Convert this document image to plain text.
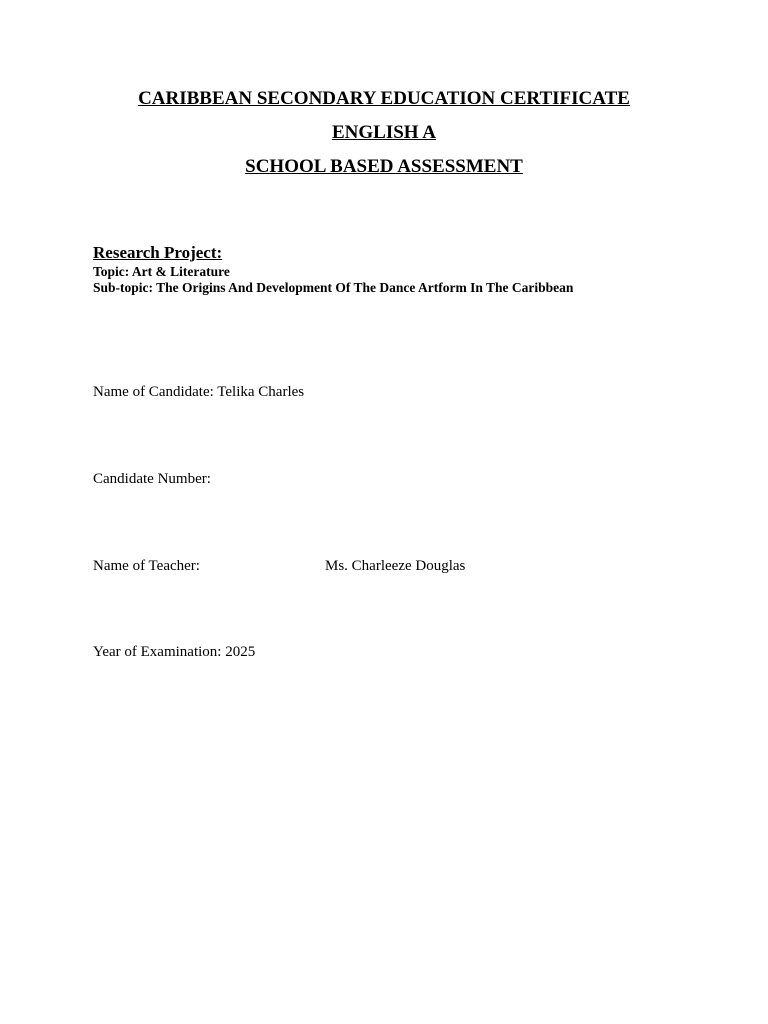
CARIBBEAN SECONDARY EDUCATION CERTIFICATE
ENGLISH A
SCHOOL BASED ASSESSMENT
Research Project:
Topic: Art & Literature
Sub-topic: The Origins And Development Of The Dance Artform In The Caribbean
Name of Candidate: Telika Charles
Candidate Number:
Name of Teacher:	Ms. Charleeze Douglas
Year of Examination: 2025
